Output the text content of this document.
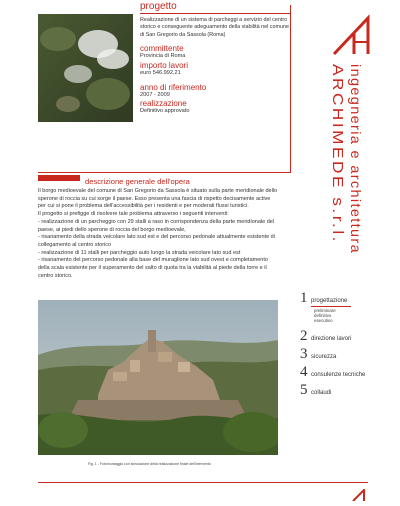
progetto
Realizzazione di un sistema di parcheggi a servizio del centro storico e conseguente adeguamento della viabilità nel comune di San Gregorio da Sassola (Roma)
committente
Provincia di Roma
importo lavori
euro 546.992,21
anno di riferimento
2007 - 2009
realizzazione
Definitivo approvato
descrizione generale dell'opera

Il borgo medioevale del comune di San Gregorio da Sassola è situato sulla parte meridionale dello sperone di roccia su cui sorge il paese. Esso presenta una fascia di rispetto decisamente active per cui si pone il problema dell'accessibilità per i residenti e per moderati flussi turistici.

Il progetto si prefigge di risolvere tale problema attraverso i seguenti interventi:

- realizzazione di un parcheggio con 29 stalli a raso in corrispondenza della parte meridionale del paese, ai piedi dello sperone di roccia del borgo medioevale,

- risanamento della strada veicolare lato sud est e del percorso pedonale attualmente esistente di collegamento al centro storico

- realizzazione di 11 stalli per parcheggio auto lungo la strada veicolare lato sud est

- risanamento del percorso pedonale alla base del muraglione lato sud ovest e completamento della scala esistente per il superamento del salto di quota tra la viabilità al piede della torre e il centro storico.

Fig. 1 - Fotomontaggio con simulazione della realizzazione finale dell'intervento
ARCHIMEDE s.r.l. ingegneria e architettura
1 progettazione
preliminare
definitivo
esecutivo
2 direzione lavori
3 sicurezza
4 consulenze tecniche
5 collaudi
